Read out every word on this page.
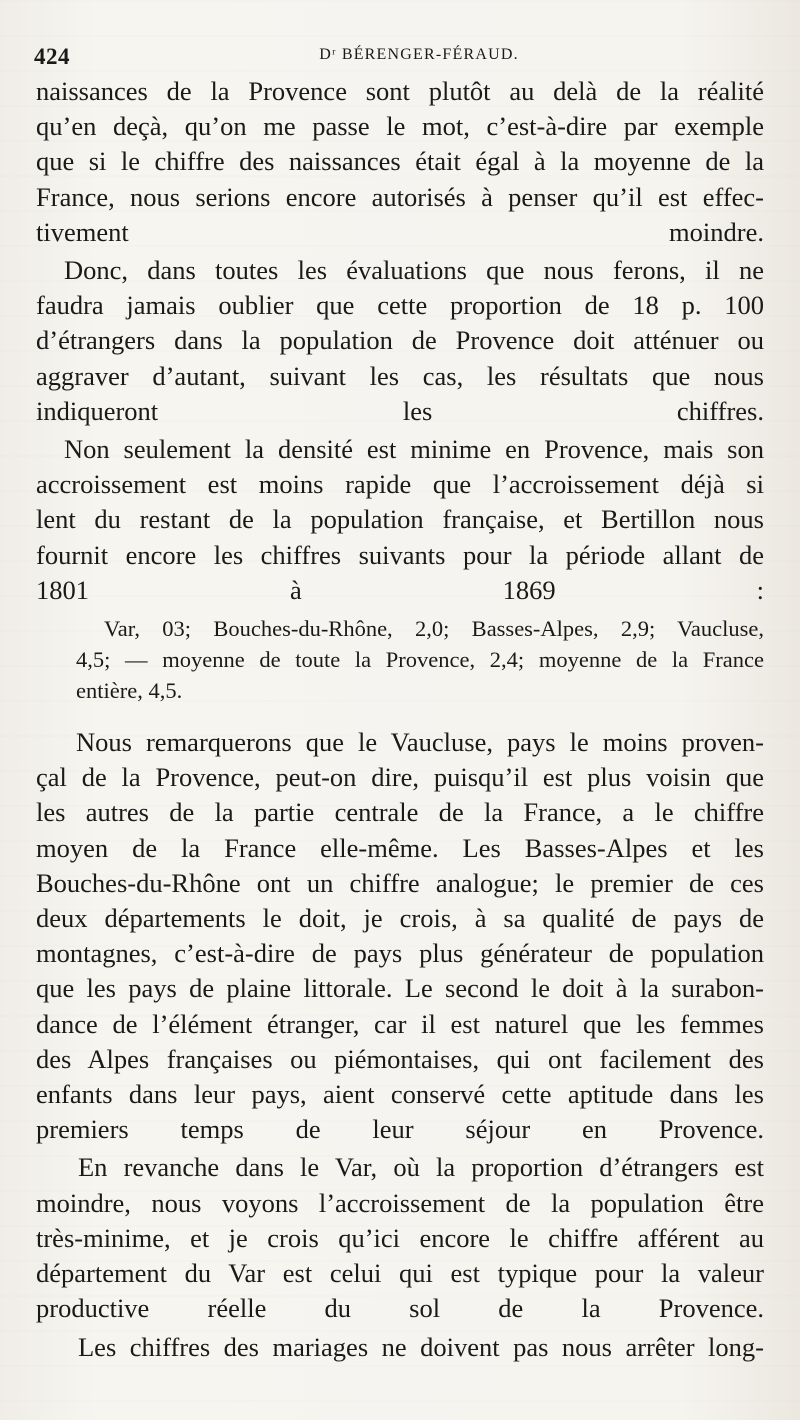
424	Dʳ BÉRENGER-FÉRAUD.

naissances de la Provence sont plutôt au delà de la réalité
qu’en deçà, qu’on me passe le mot, c’est-à-dire par exemple
que si le chiffre des naissances était égal à la moyenne de la
France, nous serions encore autorisés à penser qu’il est effec-
tivement moindre.

Donc, dans toutes les évaluations que nous ferons, il ne
faudra jamais oublier que cette proportion de 18 p. 100
d’étrangers dans la population de Provence doit atténuer ou
aggraver d’autant, suivant les cas, les résultats que nous
indiqueront les chiffres.

Non seulement la densité est minime en Provence, mais son
accroissement est moins rapide que l’accroissement déjà si
lent du restant de la population française, et Bertillon nous
fournit encore les chiffres suivants pour la période allant de
1801 à 1869 :

Var, 03; Bouches-du-Rhône, 2,0; Basses-Alpes, 2,9; Vaucluse,
4,5; — moyenne de toute la Provence, 2,4; moyenne de la France
entière, 4,5.

Nous remarquerons que le Vaucluse, pays le moins proven-
çal de la Provence, peut-on dire, puisqu’il est plus voisin que
les autres de la partie centrale de la France, a le chiffre
moyen de la France elle-même. Les Basses-Alpes et les
Bouches-du-Rhône ont un chiffre analogue; le premier de ces
deux départements le doit, je crois, à sa qualité de pays de
montagnes, c’est-à-dire de pays plus générateur de population
que les pays de plaine littorale. Le second le doit à la surabon-
dance de l’élément étranger, car il est naturel que les femmes
des Alpes françaises ou piémontaises, qui ont facilement des
enfants dans leur pays, aient conservé cette aptitude dans les
premiers temps de leur séjour en Provence.

En revanche dans le Var, où la proportion d’étrangers est
moindre, nous voyons l’accroissement de la population être
très-minime, et je crois qu’ici encore le chiffre afférent au
département du Var est celui qui est typique pour la valeur
productive réelle du sol de la Provence.

Les chiffres des mariages ne doivent pas nous arrêter long-
